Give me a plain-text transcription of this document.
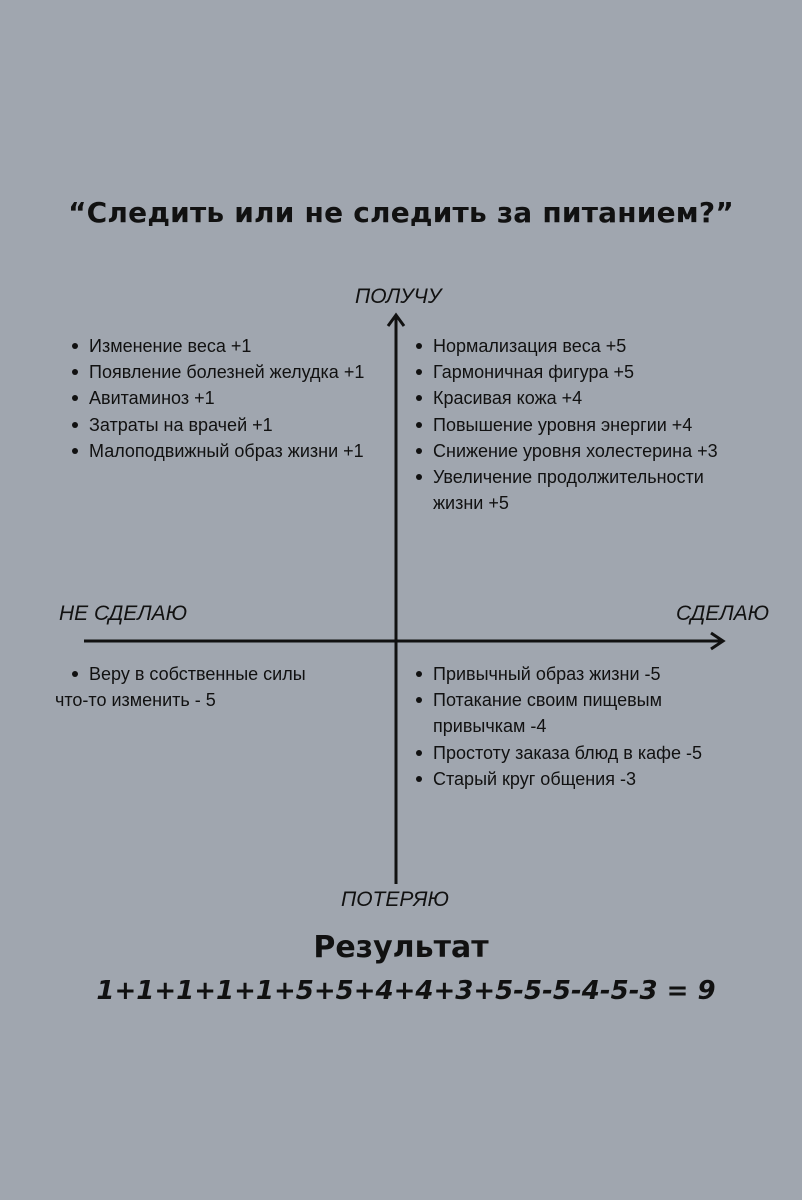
“Следить или не следить за питанием?”
ПОЛУЧУ
ПОТЕРЯЮ
НЕ СДЕЛАЮ	СДЕЛАЮ
Изменение веса +1
Появление болезней желудка +1
Авитаминоз +1
Затраты на врачей +1
Малоподвижный образ жизни +1
Нормализация веса +5
Гармоничная фигура +5
Красивая кожа +4
Повышение уровня энергии +4
Снижение уровня холестерина +3
Увеличение продолжительности жизни +5
Веру в собственные силы
что-то изменить - 5
Привычный образ жизни -5
Потакание своим пищевым привычкам -4
Простоту заказа блюд в кафе -5
Старый круг общения -3
Результат
1+1+1+1+1+5+5+4+4+3+5-5-5-4-5-3 = 9
